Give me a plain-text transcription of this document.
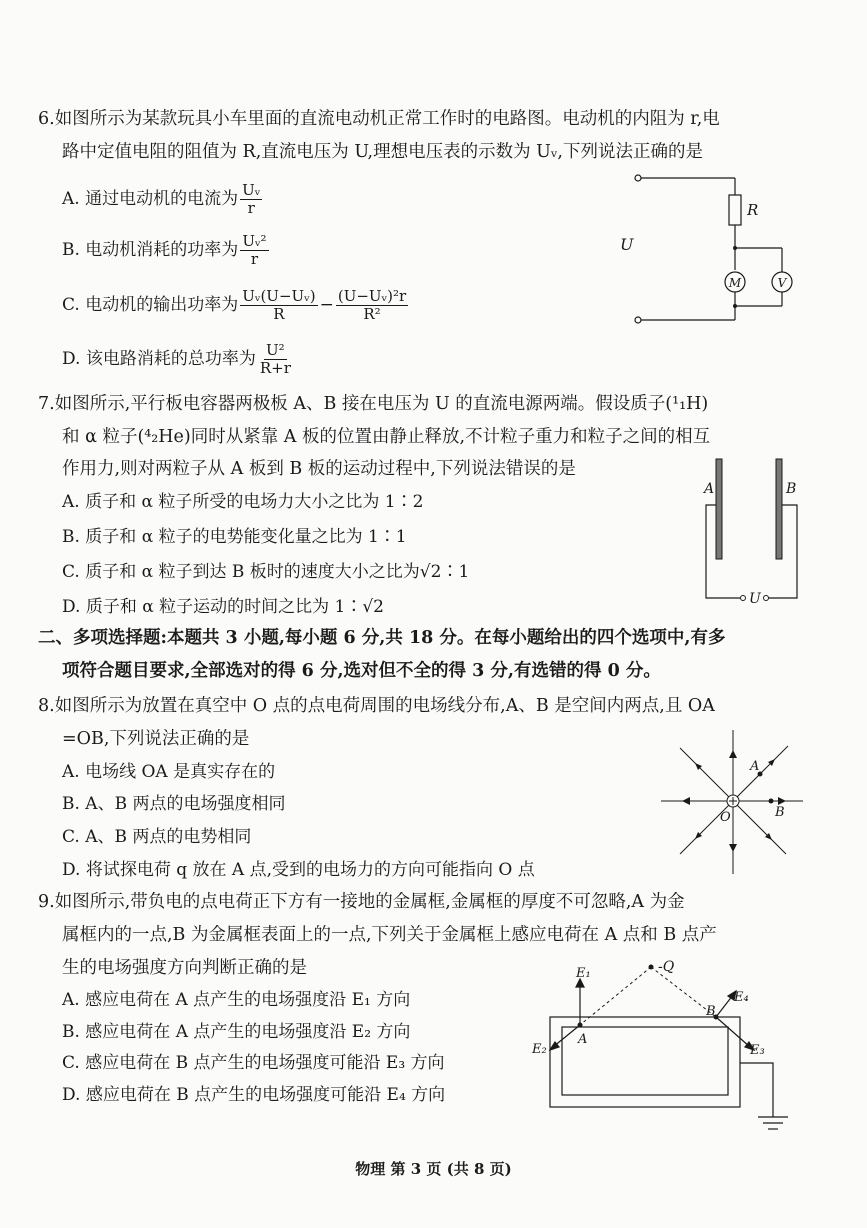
6.如图所示为某款玩具小车里面的直流电动机正常工作时的电路图。电动机的内阻为 r,电
路中定值电阻的阻值为 R,直流电压为 U,理想电压表的示数为 Uᵥ,下列说法正确的是
A. 通过电动机的电流为 $\frac{\text{Uᵥ}}{r}$
B. 电动机消耗的功率为 $\frac{\text{Uᵥ²}}{r}$
C. 电动机的输出功率为 $\frac{\text{Uᵥ(U−Uᵥ)}}{R} - \frac{\text{(U−Uᵥ)²r}}{\text{R²}}$
D. 该电路消耗的总功率为 $\frac{\text{U²}}{R+r}$
R
U
M	V
7.如图所示,平行板电容器两极板 A、B 接在电压为 U 的直流电源两端。假设质子(¹₁H)
和 α 粒子(⁴₂He)同时从紧靠 A 板的位置由静止释放,不计粒子重力和粒子之间的相互
作用力,则对两粒子从 A 板到 B 板的运动过程中,下列说法错误的是
A. 质子和 α 粒子所受的电场力大小之比为 1∶2
B. 质子和 α 粒子的电势能变化量之比为 1∶1
C. 质子和 α 粒子到达 B 板时的速度大小之比为√2∶1
D. 质子和 α 粒子运动的时间之比为 1∶√2
A	B
U
二、多项选择题:本题共 3 小题,每小题 6 分,共 18 分。在每小题给出的四个选项中,有多
项符合题目要求,全部选对的得 6 分,选对但不全的得 3 分,有选错的得 0 分。
8.如图所示为放置在真空中 O 点的点电荷周围的电场线分布,A、B 是空间内两点,且 OA
=OB,下列说法正确的是
A. 电场线 OA 是真实存在的
B. A、B 两点的电场强度相同
C. A、B 两点的电势相同
D. 将试探电荷 q 放在 A 点,受到的电场力的方向可能指向 O 点
A
B
O
9.如图所示,带负电的点电荷正下方有一接地的金属框,金属框的厚度不可忽略,A 为金
属框内的一点,B 为金属框表面上的一点,下列关于金属框上感应电荷在 A 点和 B 点产
生的电场强度方向判断正确的是
A. 感应电荷在 A 点产生的电场强度沿 E₁ 方向
B. 感应电荷在 A 点产生的电场强度沿 E₂ 方向
C. 感应电荷在 B 点产生的电场强度可能沿 E₃ 方向
D. 感应电荷在 B 点产生的电场强度可能沿 E₄ 方向
-Q
E₁
E₂	E₃
E₄
A
B
物理 第 3 页 (共 8 页)
